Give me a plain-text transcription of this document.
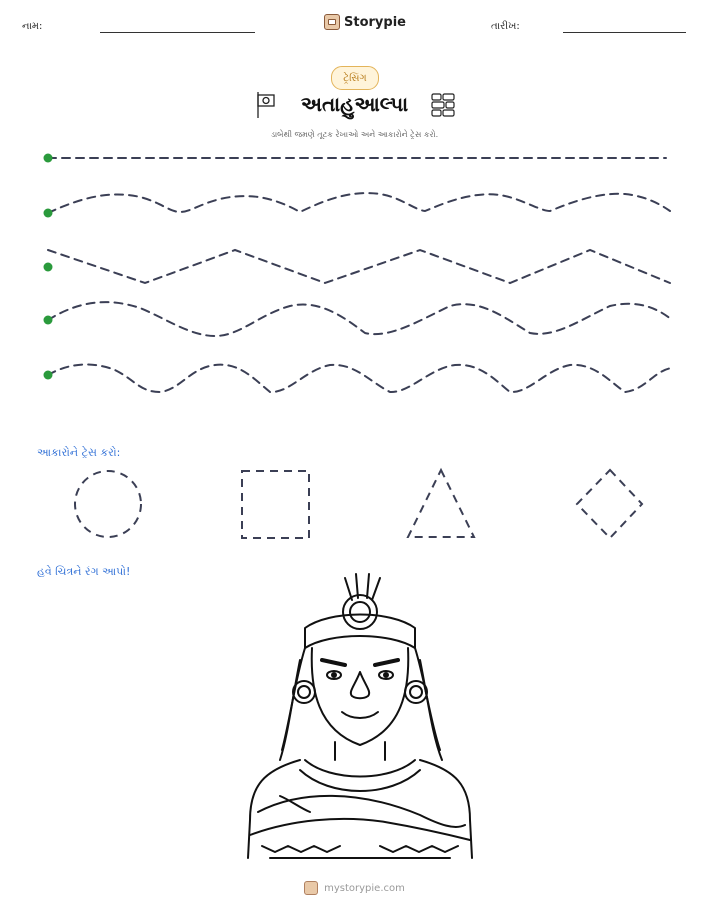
નામ:	Storypie	તારીખ:
ટ્રેસિંગ
અતાહુઆલ્પા
ડાબેથી જમણે તૂટક રેખાઓ અને આકારોને ટ્રેસ કરો.
આકારોને ટ્રેસ કરો:
હવે ચિત્રને રંગ આપો!
mystorypie.com
